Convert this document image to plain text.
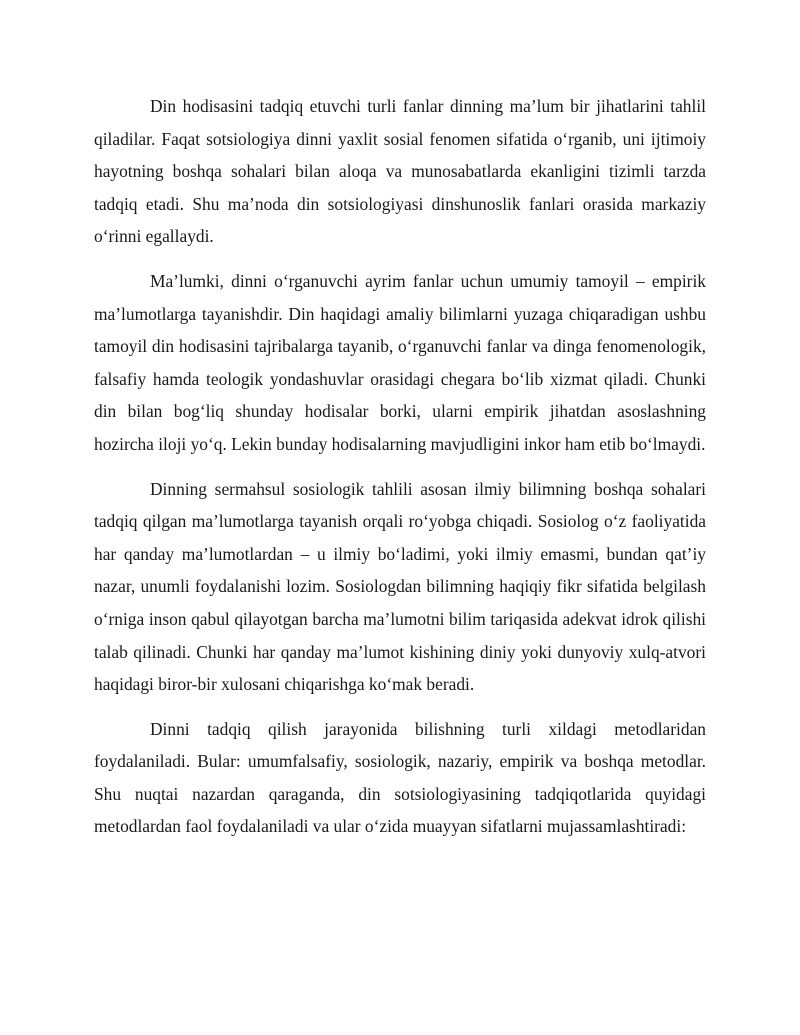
Din hodisasini tadqiq etuvchi turli fanlar dinning ma’lum bir jihatlarini tahlil qiladilar. Faqat sotsiologiya dinni yaxlit sosial fenomen sifatida o‘rganib, uni ijtimoiy hayotning boshqa sohalari bilan aloqa va munosabatlarda ekanligini tizimli tarzda tadqiq etadi. Shu ma’noda din sotsiologiyasi dinshunoslik fanlari orasida markaziy o‘rinni egallaydi.

Ma’lumki, dinni o‘rganuvchi ayrim fanlar uchun umumiy tamoyil – empirik ma’lumotlarga tayanishdir. Din haqidagi amaliy bilimlarni yuzaga chiqaradigan ushbu tamoyil din hodisasini tajribalarga tayanib, o‘rganuvchi fanlar va dinga fenomenologik, falsafiy hamda teologik yondashuvlar orasidagi chegara bo‘lib xizmat qiladi. Chunki din bilan bog‘liq shunday hodisalar borki, ularni empirik jihatdan asoslashning hozircha iloji yo‘q. Lekin bunday hodisalarning mavjudligini inkor ham etib bo‘lmaydi.

Dinning sermahsul sosiologik tahlili asosan ilmiy bilimning boshqa sohalari tadqiq qilgan ma’lumotlarga tayanish orqali ro‘yobga chiqadi. Sosiolog o‘z faoliyatida har qanday ma’lumotlardan – u ilmiy bo‘ladimi, yoki ilmiy emasmi, bundan qat’iy nazar, unumli foydalanishi lozim. Sosiologdan bilimning haqiqiy fikr sifatida belgilash o‘rniga inson qabul qilayotgan barcha ma’lumotni bilim tariqasida adekvat idrok qilishi talab qilinadi. Chunki har qanday ma’lumot kishining diniy yoki dunyoviy xulq-atvori haqidagi biror-bir xulosani chiqarishga ko‘mak beradi.

Dinni tadqiq qilish jarayonida bilishning turli xildagi metodlaridan foydalaniladi. Bular: umumfalsafiy, sosiologik, nazariy, empirik va boshqa metodlar. Shu nuqtai nazardan qaraganda, din sotsiologiyasining tadqiqotlarida quyidagi metodlardan faol foydalaniladi va ular o‘zida muayyan sifatlarni mujassamlashtiradi:
